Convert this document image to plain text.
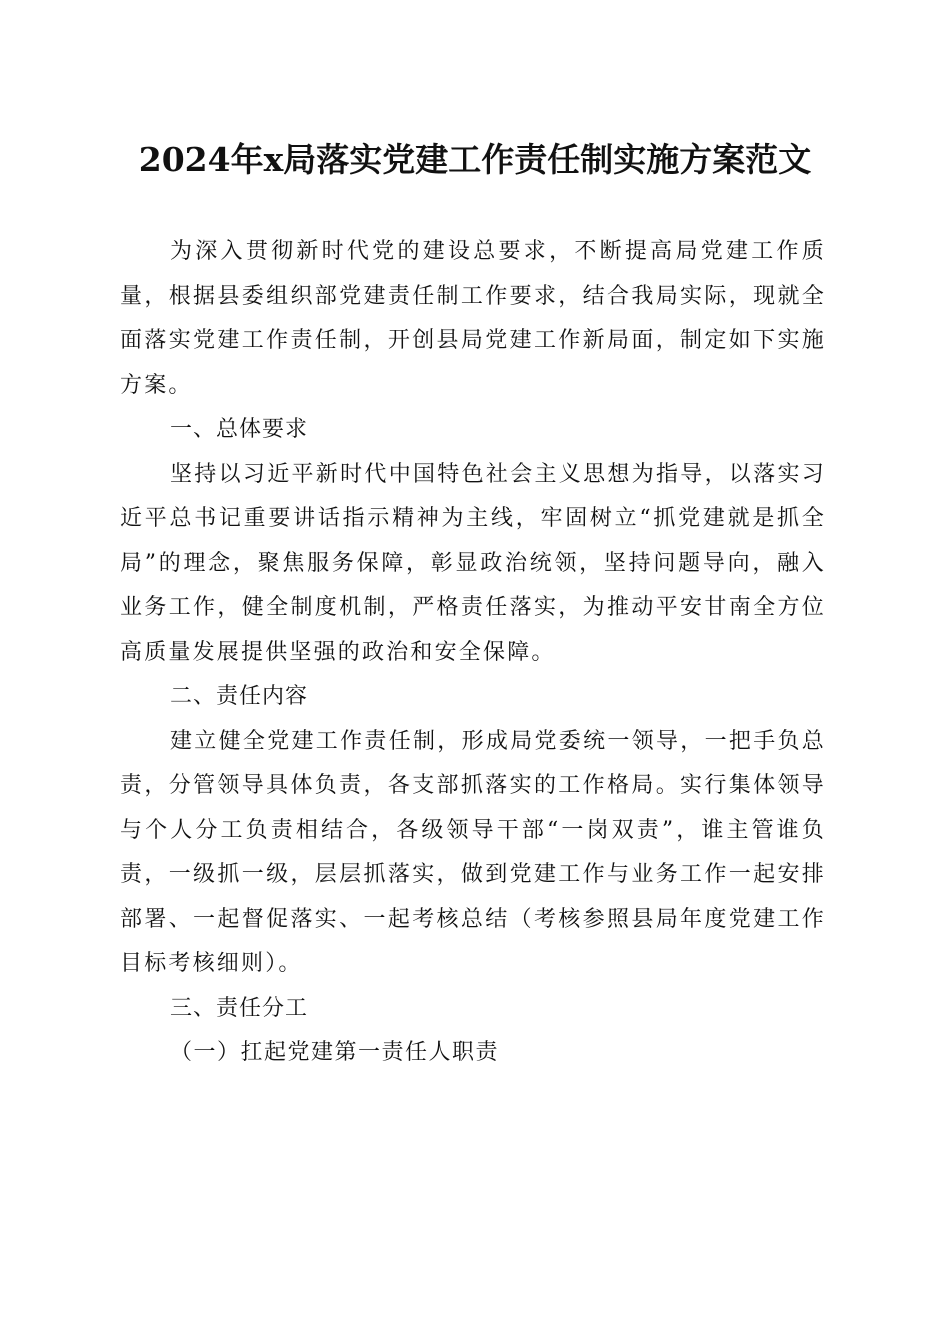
2024年x局落实党建工作责任制实施方案范文

为深入贯彻新时代党的建设总要求，不断提高局党建工作质量，根据县委组织部党建责任制工作要求，结合我局实际，现就全面落实党建工作责任制，开创县局党建工作新局面，制定如下实施方案。

一、总体要求

坚持以习近平新时代中国特色社会主义思想为指导，以落实习近平总书记重要讲话指示精神为主线，牢固树立“抓党建就是抓全局”的理念，聚焦服务保障，彰显政治统领，坚持问题导向，融入业务工作，健全制度机制，严格责任落实，为推动平安甘南全方位高质量发展提供坚强的政治和安全保障。

二、责任内容

建立健全党建工作责任制，形成局党委统一领导，一把手负总责，分管领导具体负责，各支部抓落实的工作格局。实行集体领导与个人分工负责相结合，各级领导干部“一岗双责”，谁主管谁负责，一级抓一级，层层抓落实，做到党建工作与业务工作一起安排部署、一起督促落实、一起考核总结（考核参照县局年度党建工作目标考核细则）。

三、责任分工

（一）扛起党建第一责任人职责
